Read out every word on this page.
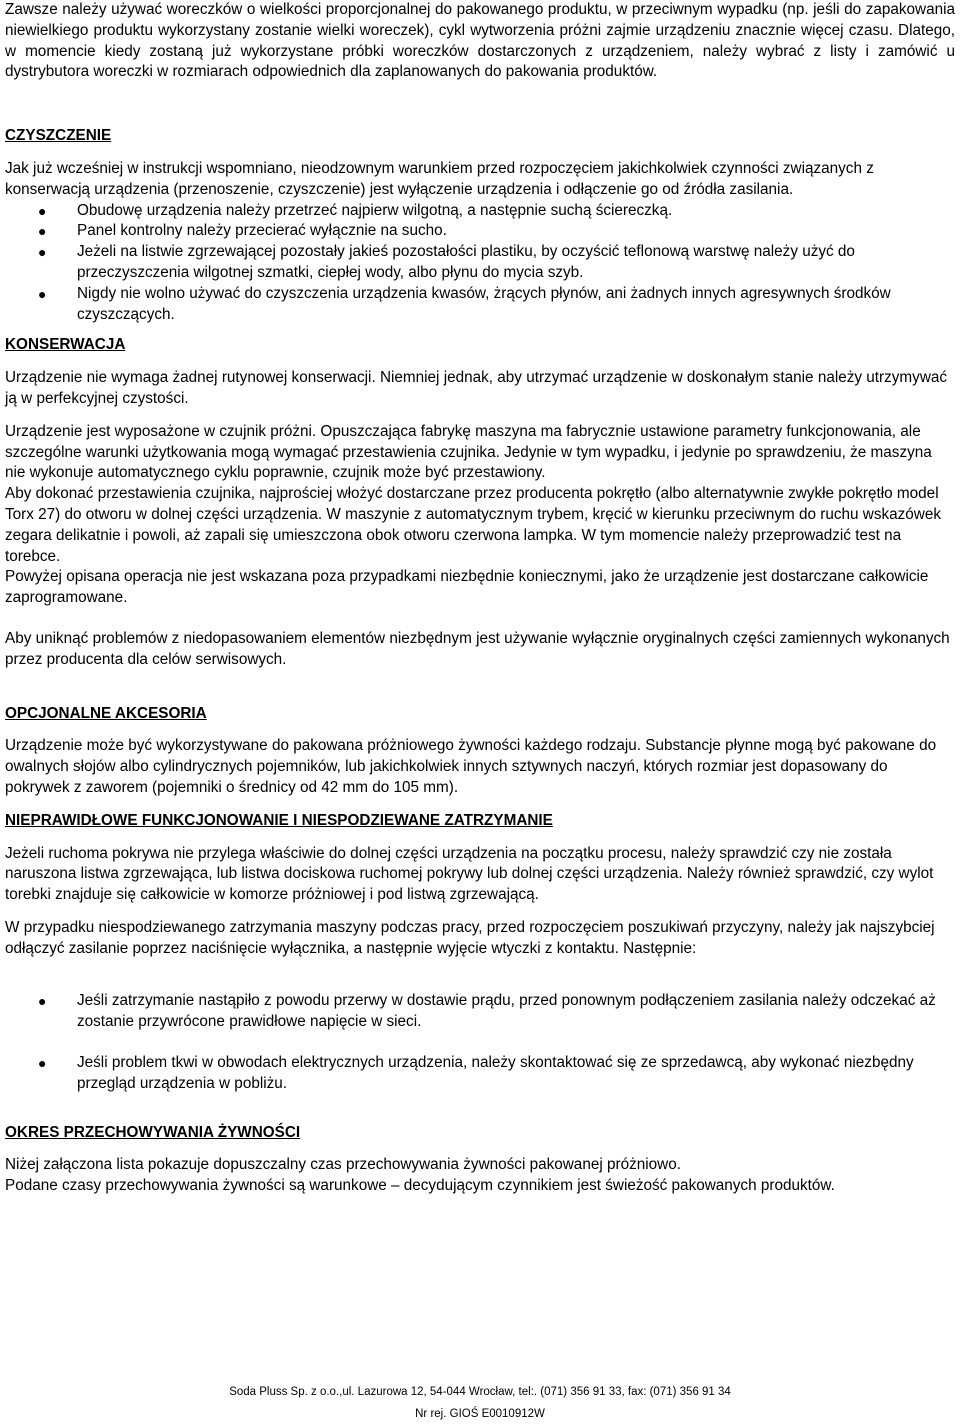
Zawsze należy używać woreczków o wielkości proporcjonalnej do pakowanego produktu, w przeciwnym wypadku (np. jeśli do zapakowania niewielkiego produktu wykorzystany zostanie wielki woreczek), cykl wytworzenia próżni zajmie urządzeniu znacznie więcej czasu. Dlatego, w momencie kiedy zostaną już wykorzystane próbki woreczków dostarczonych z urządzeniem, należy wybrać z listy i zamówić u dystrybutora woreczki w rozmiarach odpowiednich dla zaplanowanych do pakowania produktów.

CZYSZCZENIE

Jak już wcześniej w instrukcji wspomniano, nieodzownym warunkiem przed rozpoczęciem jakichkolwiek czynności związanych z konserwacją urządzenia (przenoszenie, czyszczenie) jest wyłączenie urządzenia i odłączenie go od źródła zasilania.

● Obudowę urządzenia należy przetrzeć najpierw wilgotną, a następnie suchą ściereczką.
● Panel kontrolny należy przecierać wyłącznie na sucho.
● Jeżeli na listwie zgrzewającej pozostały jakieś pozostałości plastiku, by oczyścić teflonową warstwę należy użyć do przeczyszczenia wilgotnej szmatki, ciepłej wody, albo płynu do mycia szyb.
● Nigdy nie wolno używać do czyszczenia urządzenia kwasów, żrących płynów, ani żadnych innych agresywnych środków czyszczących.
KONSERWACJA

Urządzenie nie wymaga żadnej rutynowej konserwacji. Niemniej jednak, aby utrzymać urządzenie w doskonałym stanie należy utrzymywać ją w perfekcyjnej czystości.

Urządzenie jest wyposażone w czujnik próżni. Opuszczająca fabrykę maszyna ma fabrycznie ustawione parametry funkcjonowania, ale szczególne warunki użytkowania mogą wymagać przestawienia czujnika. Jedynie w tym wypadku, i jedynie po sprawdzeniu, że maszyna nie wykonuje automatycznego cyklu poprawnie, czujnik może być przestawiony.

Aby dokonać przestawienia czujnika, najprościej włożyć dostarczane przez producenta pokrętło (albo alternatywnie zwykłe pokrętło model Torx 27) do otworu w dolnej części urządzenia. W maszynie z automatycznym trybem, kręcić w kierunku przeciwnym do ruchu wskazówek zegara delikatnie i powoli, aż zapali się umieszczona obok otworu czerwona lampka. W tym momencie należy przeprowadzić test na torebce.

Powyżej opisana operacja nie jest wskazana poza przypadkami niezbędnie koniecznymi, jako że urządzenie jest dostarczane całkowicie zaprogramowane.

Aby uniknąć problemów z niedopasowaniem elementów niezbędnym jest używanie wyłącznie oryginalnych części zamiennych wykonanych przez producenta dla celów serwisowych.

OPCJONALNE AKCESORIA

Urządzenie może być wykorzystywane do pakowana próżniowego żywności każdego rodzaju. Substancje płynne mogą być pakowane do owalnych słojów albo cylindrycznych pojemników, lub jakichkolwiek innych sztywnych naczyń, których rozmiar jest dopasowany do pokrywek z zaworem (pojemniki o średnicy od 42 mm do 105 mm).

NIEPRAWIDŁOWE FUNKCJONOWANIE I NIESPODZIEWANE ZATRZYMANIE

Jeżeli ruchoma pokrywa nie przylega właściwie do dolnej części urządzenia na początku procesu, należy sprawdzić czy nie została naruszona listwa zgrzewająca, lub listwa dociskowa ruchomej pokrywy lub dolnej części urządzenia. Należy również sprawdzić, czy wylot torebki znajduje się całkowicie w komorze próżniowej i pod listwą zgrzewającą.

W przypadku niespodziewanego zatrzymania maszyny podczas pracy, przed rozpoczęciem poszukiwań przyczyny, należy jak najszybciej odłączyć zasilanie poprzez naciśnięcie wyłącznika, a następnie wyjęcie wtyczki z kontaktu. Następnie:

● Jeśli zatrzymanie nastąpiło z powodu przerwy w dostawie prądu, przed ponownym podłączeniem zasilania należy odczekać aż zostanie przywrócone prawidłowe napięcie w sieci.
● Jeśli problem tkwi w obwodach elektrycznych urządzenia, należy skontaktować się ze sprzedawcą, aby wykonać niezbędny przegląd urządzenia w pobliżu.
OKRES PRZECHOWYWANIA ŻYWNOŚCI

Niżej załączona lista pokazuje dopuszczalny czas przechowywania żywności pakowanej próżniowo.

Podane czasy przechowywania żywności są warunkowe – decydującym czynnikiem jest świeżość pakowanych produktów.

Soda Pluss Sp. z o.o.,ul. Lazurowa 12, 54-044 Wrocław, tel:. (071) 356 91 33, fax: (071) 356 91 34
Nr rej. GIOŚ E0010912W
